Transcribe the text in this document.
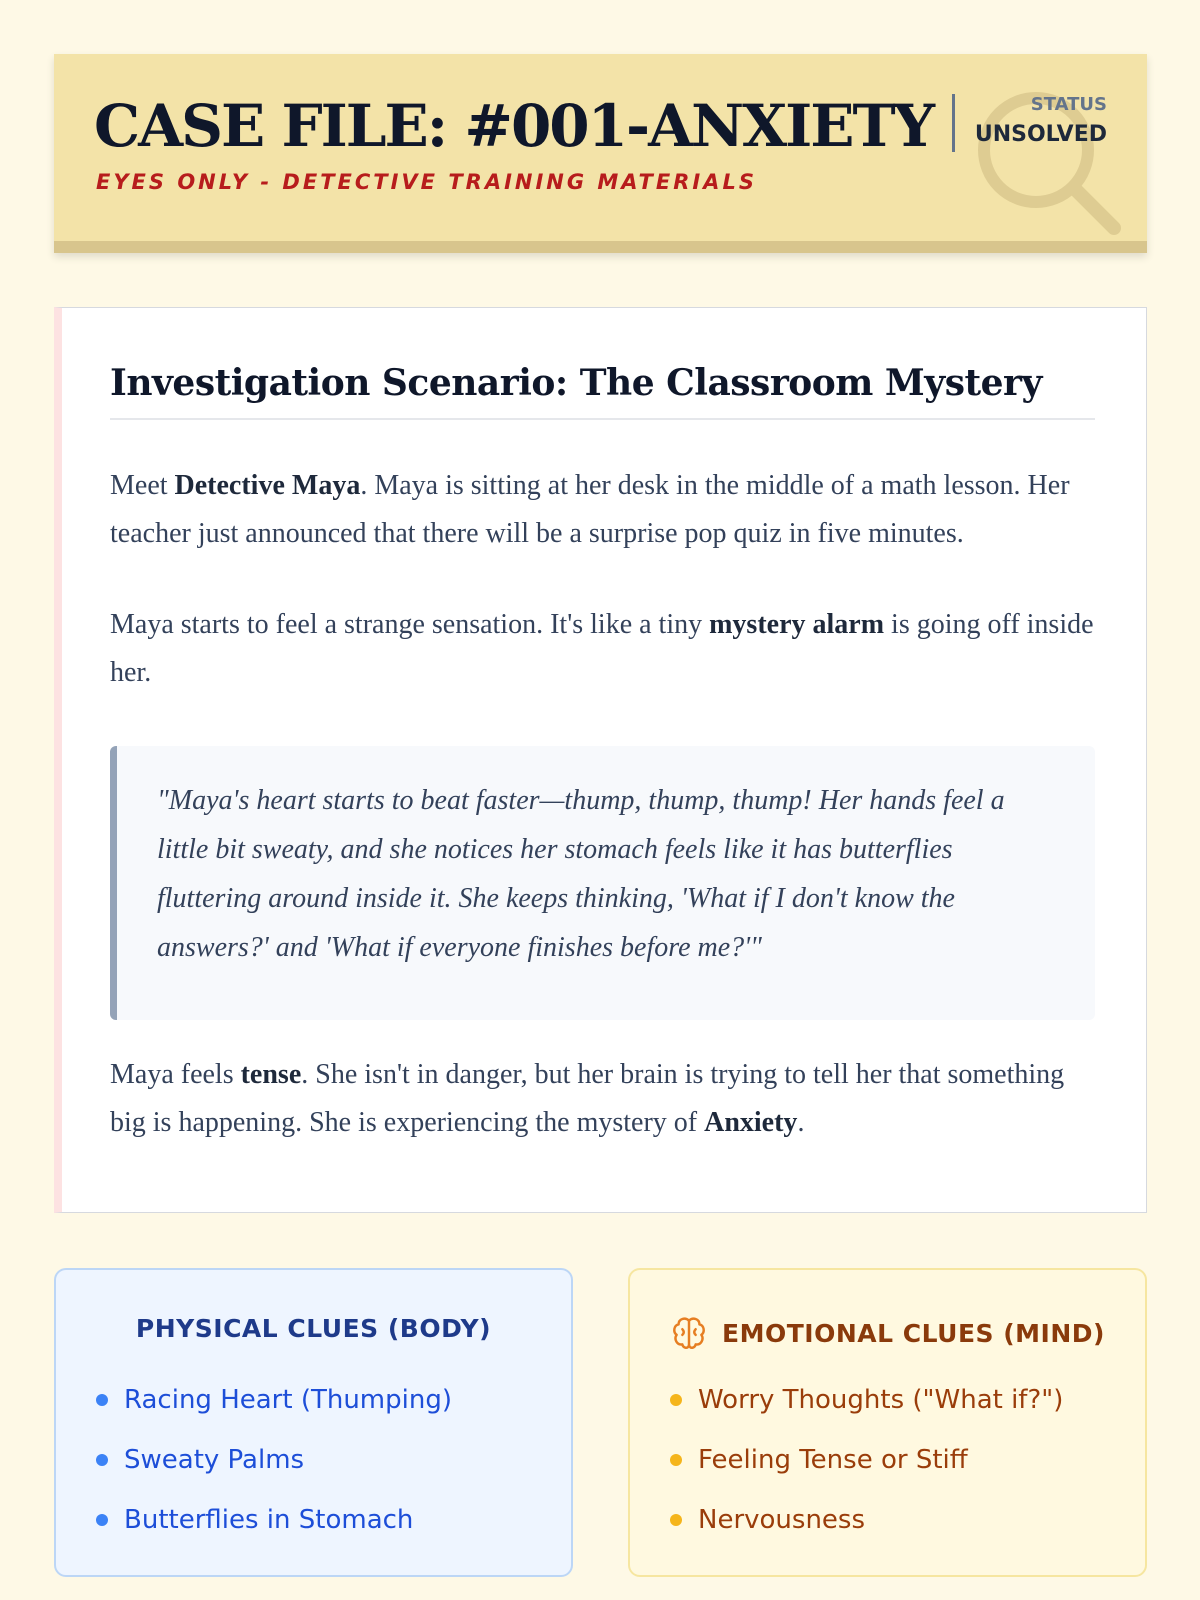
CASE FILE: #001-ANXIETY
EYES ONLY - DETECTIVE TRAINING MATERIALS
STATUS
UNSOLVED
Investigation Scenario: The Classroom Mystery

Meet Detective Maya. Maya is sitting at her desk in the middle of a math lesson. Her teacher just announced that there will be a surprise pop quiz in five minutes.

Maya starts to feel a strange sensation. It's like a tiny mystery alarm is going off inside her.

"Maya's heart starts to beat faster—thump, thump, thump! Her hands feel a little bit sweaty, and she notices her stomach feels like it has butterflies fluttering around inside it. She keeps thinking, 'What if I don't know the answers?' and 'What if everyone finishes before me?'"

Maya feels tense. She isn't in danger, but her brain is trying to tell her that something big is happening. She is experiencing the mystery of Anxiety.

PHYSICAL CLUES (BODY)
Racing Heart (Thumping)
Sweaty Palms
Butterflies in Stomach
EMOTIONAL CLUES (MIND)
Worry Thoughts ("What if?")
Feeling Tense or Stiff
Nervousness
